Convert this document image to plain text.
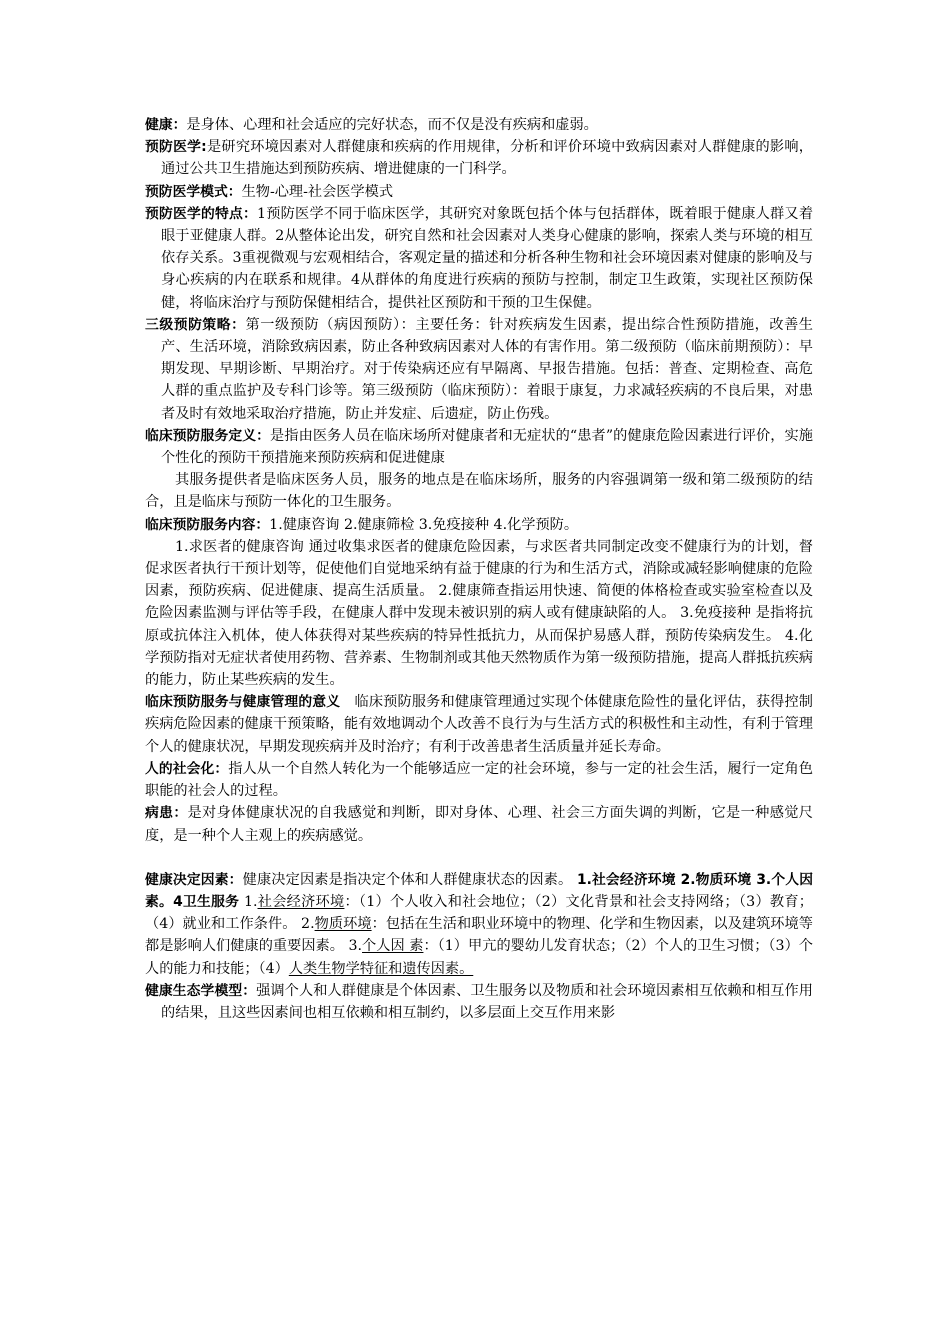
健康：是身体、心理和社会适应的完好状态，而不仅是没有疾病和虚弱。

预防医学:是研究环境因素对人群健康和疾病的作用规律，分析和评价环境中致病因素对人群健康的影响，通过公共卫生措施达到预防疾病、增进健康的一门科学。

预防医学模式：生物-心理-社会医学模式

预防医学的特点：1预防医学不同于临床医学，其研究对象既包括个体与包括群体，既着眼于健康人群又着眼于亚健康人群。2从整体论出发，研究自然和社会因素对人类身心健康的影响，探索人类与环境的相互依存关系。3重视微观与宏观相结合，客观定量的描述和分析各种生物和社会环境因素对健康的影响及与身心疾病的内在联系和规律。4从群体的角度进行疾病的预防与控制，制定卫生政策，实现社区预防保健，将临床治疗与预防保健相结合，提供社区预防和干预的卫生保健。

三级预防策略：第一级预防（病因预防）：主要任务：针对疾病发生因素，提出综合性预防措施，改善生产、生活环境，消除致病因素，防止各种致病因素对人体的有害作用。第二级预防（临床前期预防）：早期发现、早期诊断、早期治疗。对于传染病还应有早隔离、早报告措施。包括：普查、定期检查、高危人群的重点监护及专科门诊等。第三级预防（临床预防）：着眼于康复，力求减轻疾病的不良后果，对患者及时有效地采取治疗措施，防止并发症、后遗症，防止伤残。

临床预防服务定义：是指由医务人员在临床场所对健康者和无症状的“患者”的健康危险因素进行评价，实施个性化的预防干预措施来预防疾病和促进健康

其服务提供者是临床医务人员，服务的地点是在临床场所，服务的内容强调第一级和第二级预防的结合，且是临床与预防一体化的卫生服务。

临床预防服务内容：1.健康咨询 2.健康筛检 3.免疫接种 4.化学预防。

1.求医者的健康咨询 通过收集求医者的健康危险因素，与求医者共同制定改变不健康行为的计划，督促求医者执行干预计划等，促使他们自觉地采纳有益于健康的行为和生活方式，消除或减轻影响健康的危险因素，预防疾病、促进健康、提高生活质量。 2.健康筛查指运用快速、简便的体格检查或实验室检查以及危险因素监测与评估等手段，在健康人群中发现未被识别的病人或有健康缺陷的人。 3.免疫接种 是指将抗原或抗体注入机体，使人体获得对某些疾病的特异性抵抗力，从而保护易感人群，预防传染病发生。 4.化学预防指对无症状者使用药物、营养素、生物制剂或其他天然物质作为第一级预防措施，提高人群抵抗疾病的能力，防止某些疾病的发生。

临床预防服务与健康管理的意义　临床预防服务和健康管理通过实现个体健康危险性的量化评估，获得控制疾病危险因素的健康干预策略，能有效地调动个人改善不良行为与生活方式的积极性和主动性，有利于管理个人的健康状况，早期发现疾病并及时治疗；有利于改善患者生活质量并延长寿命。

人的社会化：指人从一个自然人转化为一个能够适应一定的社会环境，参与一定的社会生活，履行一定角色职能的社会人的过程。

病患：是对身体健康状况的自我感觉和判断，即对身体、心理、社会三方面失调的判断，它是一种感觉尺度，是一种个人主观上的疾病感觉。

健康决定因素：健康决定因素是指决定个体和人群健康状态的因素。 1.社会经济环境 2.物质环境 3.个人因素。4卫生服务 1.社会经济环境：（1）个人收入和社会地位；（2）文化背景和社会支持网络；（3）教育；（4）就业和工作条件。 2.物质环境：包括在生活和职业环境中的物理、化学和生物因素，以及建筑环境等都是影响人们健康的重要因素。 3.个人因 素：（1）甲亢的婴幼儿发育状态；（2）个人的卫生习惯；（3）个人的能力和技能；（4）人类生物学特征和遗传因素。

健康生态学模型：强调个人和人群健康是个体因素、卫生服务以及物质和社会环境因素相互依赖和相互作用的结果，且这些因素间也相互依赖和相互制约，以多层面上交互作用来影
